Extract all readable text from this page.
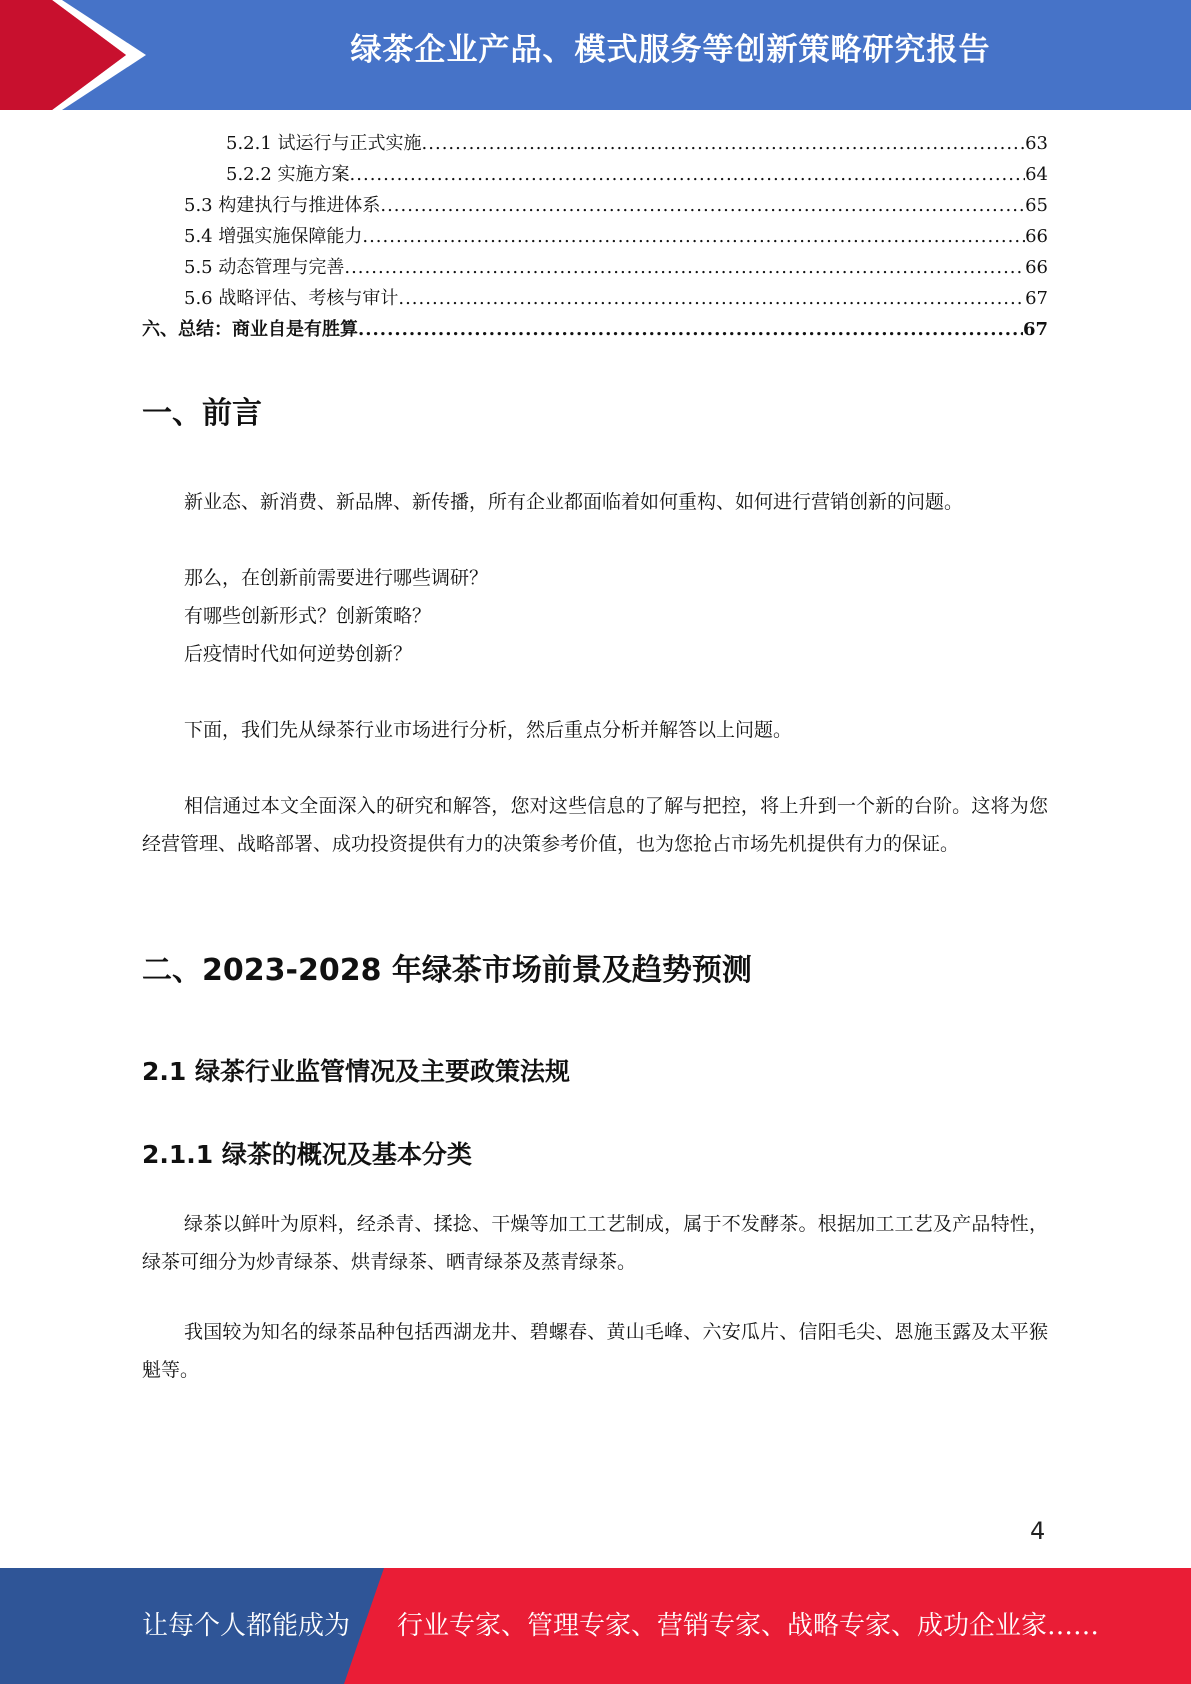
绿茶企业产品、模式服务等创新策略研究报告
5.2.1 试运行与正式实施 .....	63
5.2.2 实施方案 .....	64
5.3 构建执行与推进体系 .....	65
5.4 增强实施保障能力 .....	66
5.5 动态管理与完善 .....	66
5.6 战略评估、考核与审计 .....	67
六、总结：商业自是有胜算 .....	67
一、前言
新业态、新消费、新品牌、新传播，所有企业都面临着如何重构、如何进行营销创新的问题。
那么，在创新前需要进行哪些调研？
有哪些创新形式？创新策略？
后疫情时代如何逆势创新？
下面，我们先从绿茶行业市场进行分析，然后重点分析并解答以上问题。
相信通过本文全面深入的研究和解答，您对这些信息的了解与把控，将上升到一个新的台阶。这将为您经营管理、战略部署、成功投资提供有力的决策参考价值，也为您抢占市场先机提供有力的保证。
二、2023-2028 年绿茶市场前景及趋势预测
2.1 绿茶行业监管情况及主要政策法规
2.1.1 绿茶的概况及基本分类
绿茶以鲜叶为原料，经杀青、揉捻、干燥等加工工艺制成，属于不发酵茶。根据加工工艺及产品特性，绿茶可细分为炒青绿茶、烘青绿茶、晒青绿茶及蒸青绿茶。
我国较为知名的绿茶品种包括西湖龙井、碧螺春、黄山毛峰、六安瓜片、信阳毛尖、恩施玉露及太平猴魁等。
4
让每个人都能成为 行业专家、管理专家、营销专家、战略专家、成功企业家……
